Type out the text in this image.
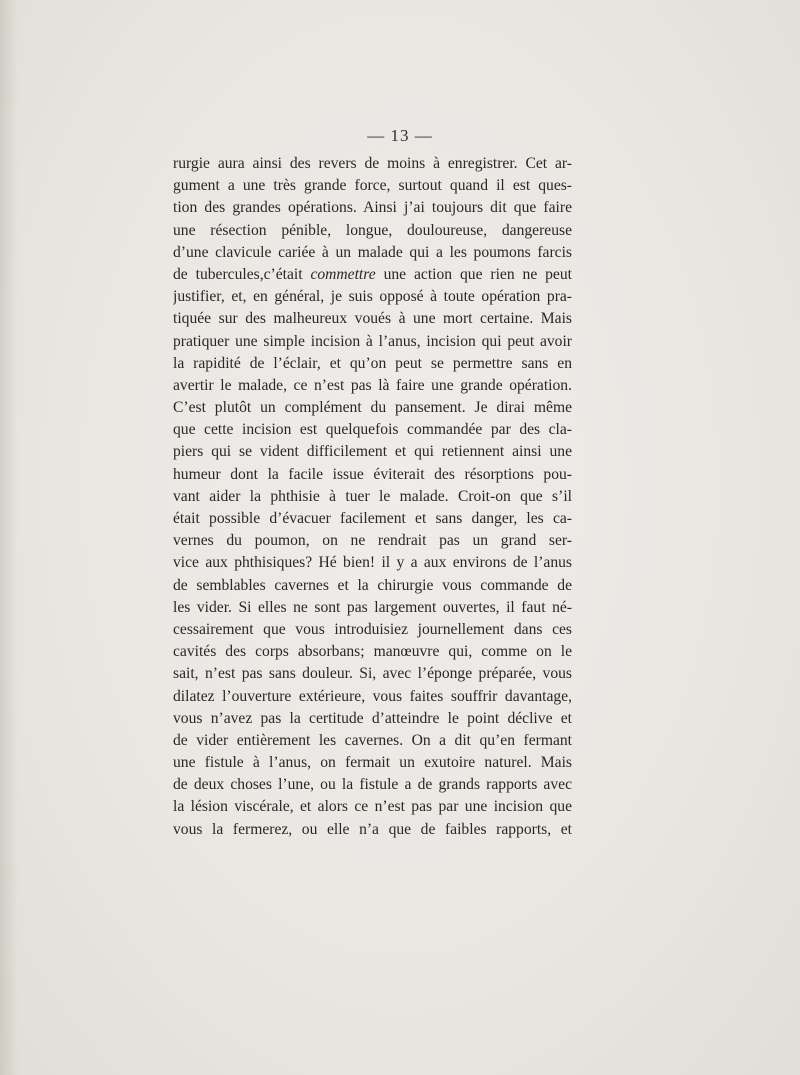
— 13 —
rurgie aura ainsi des revers de moins à enregistrer. Cet ar-
gument a une très grande force, surtout quand il est ques-
tion des grandes opérations. Ainsi j’ai toujours dit que faire
une résection pénible, longue, douloureuse, dangereuse
d’une clavicule cariée à un malade qui a les poumons farcis
de tubercules,c’était commettre une action que rien ne peut
justifier, et, en général, je suis opposé à toute opération pra-
tiquée sur des malheureux voués à une mort certaine. Mais
pratiquer une simple incision à l’anus, incision qui peut avoir
la rapidité de l’éclair, et qu’on peut se permettre sans en
avertir le malade, ce n’est pas là faire une grande opération.
C’est plutôt un complément du pansement. Je dirai même
que cette incision est quelquefois commandée par des cla-
piers qui se vident difficilement et qui retiennent ainsi une
humeur dont la facile issue éviterait des résorptions pou-
vant aider la phthisie à tuer le malade. Croit-on que s’il
était possible d’évacuer facilement et sans danger, les ca-
vernes du poumon, on ne rendrait pas un grand ser-
vice aux phthisiques? Hé bien! il y a aux environs de l’anus
de semblables cavernes et la chirurgie vous commande de
les vider. Si elles ne sont pas largement ouvertes, il faut né-
cessairement que vous introduisiez journellement dans ces
cavités des corps absorbans; manœuvre qui, comme on le
sait, n’est pas sans douleur. Si, avec l’éponge préparée, vous
dilatez l’ouverture extérieure, vous faites souffrir davantage,
vous n’avez pas la certitude d’atteindre le point déclive et
de vider entièrement les cavernes. On a dit qu’en fermant
une fistule à l’anus, on fermait un exutoire naturel. Mais
de deux choses l’une, ou la fistule a de grands rapports avec
la lésion viscérale, et alors ce n’est pas par une incision que
vous la fermerez, ou elle n’a que de faibles rapports, et
